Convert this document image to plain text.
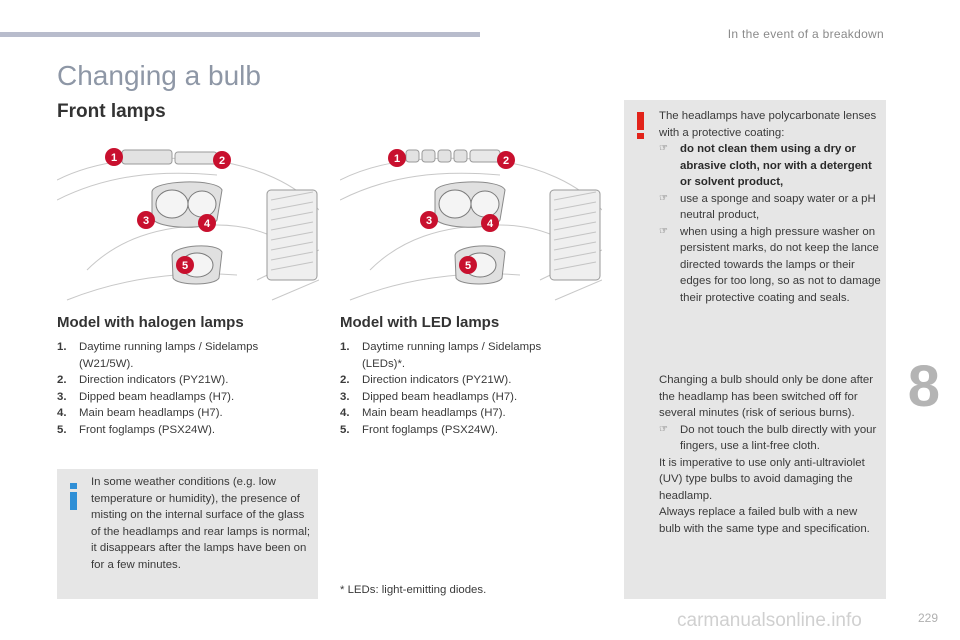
In the event of a breakdown
8
Changing a bulb
Front lamps
1	2
3	4
5
1	2
3	4
5
Model with halogen lamps	Model with LED lamps
1.	Daytime running lamps / Sidelamps (W21/5W).
2.	Direction indicators (PY21W).
3.	Dipped beam headlamps (H7).
4.	Main beam headlamps (H7).
5.	Front foglamps (PSX24W).
1.	Daytime running lamps / Sidelamps (LEDs)*.
2.	Direction indicators (PY21W).
3.	Dipped beam headlamps (H7).
4.	Main beam headlamps (H7).
5.	Front foglamps (PSX24W).
In some weather conditions (e.g. low temperature or humidity), the presence of misting on the internal surface of the glass of the headlamps and rear lamps is normal; it disappears after the lamps have been on for a few minutes.
* LEDs: light-emitting diodes.

The headlamps have polycarbonate lenses with a protective coating:

☞	do not clean them using a dry or abrasive cloth, nor with a detergent or solvent product,
☞	use a sponge and soapy water or a pH neutral product,
☞	when using a high pressure washer on persistent marks, do not keep the lance directed towards the lamps or their edges for too long, so as not to damage their protective coating and seals.

Changing a bulb should only be done after the headlamp has been switched off for several minutes (risk of serious burns).

☞	Do not touch the bulb directly with your fingers, use a lint-free cloth.

It is imperative to use only anti-ultraviolet (UV) type bulbs to avoid damaging the headlamp.

Always replace a failed bulb with a new bulb with the same type and specification.

carmanualsonline.info	229
